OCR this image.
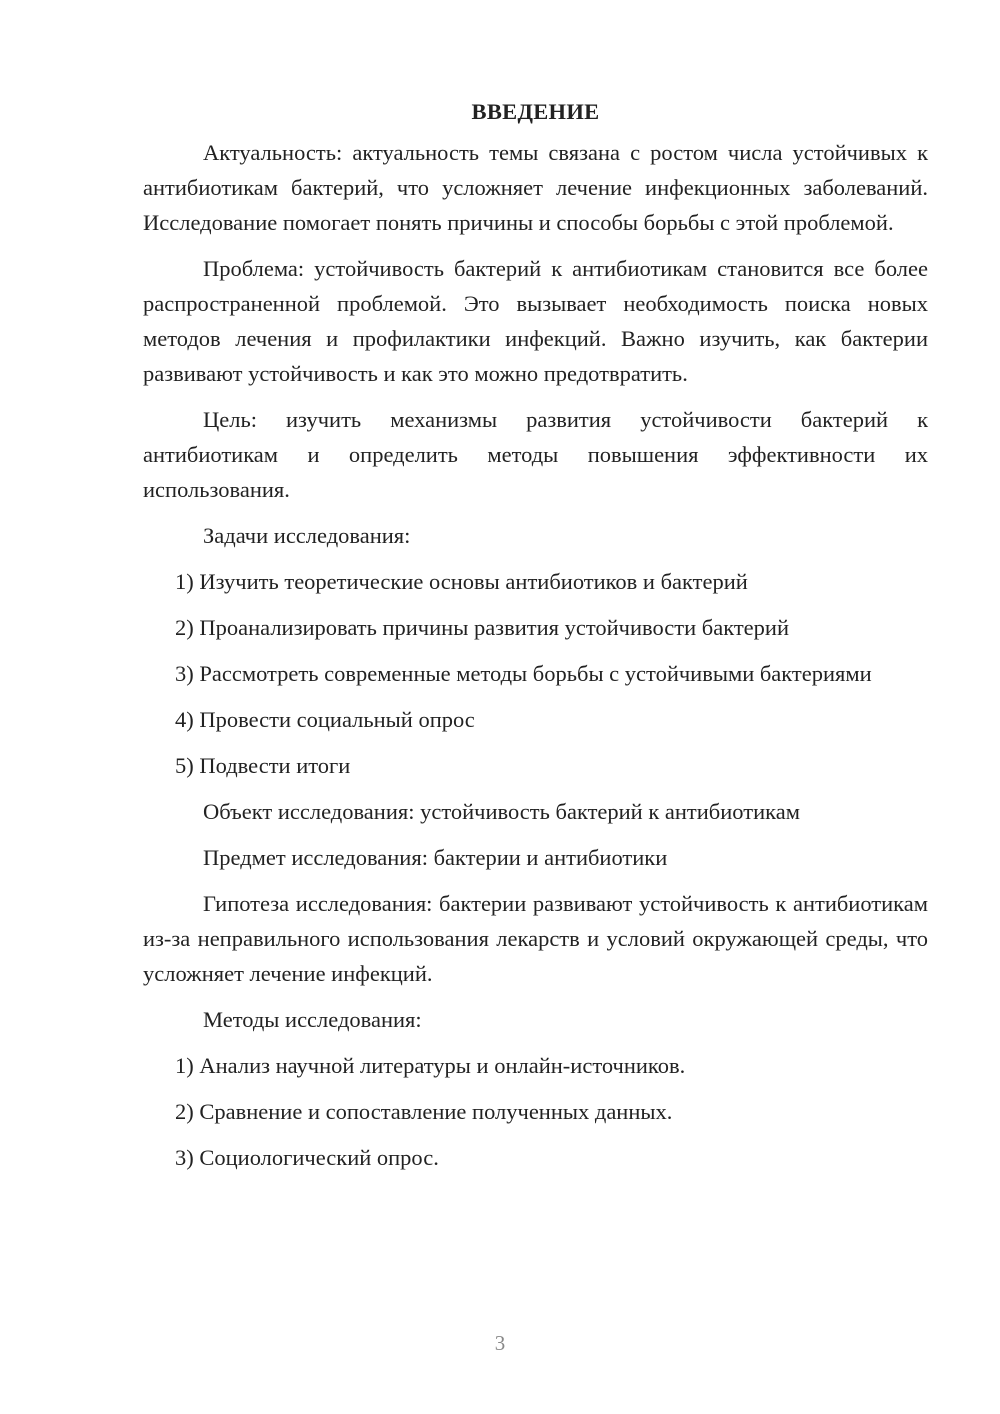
ВВЕДЕНИЕ

Актуальность: актуальность темы связана с ростом числа устойчивых к антибиотикам бактерий, что усложняет лечение инфекционных заболеваний. Исследование помогает понять причины и способы борьбы с этой проблемой.

Проблема: устойчивость бактерий к антибиотикам становится все более распространенной проблемой. Это вызывает необходимость поиска новых методов лечения и профилактики инфекций. Важно изучить, как бактерии развивают устойчивость и как это можно предотвратить.

Цель: изучить механизмы развития устойчивости бактерий к антибиотикам и определить методы повышения эффективности их использования.

Задачи исследования:

1) Изучить теоретические основы антибиотиков и бактерий

2) Проанализировать причины развития устойчивости бактерий

3) Рассмотреть современные методы борьбы с устойчивыми бактериями

4) Провести социальный опрос

5) Подвести итоги

Объект исследования: устойчивость бактерий к антибиотикам

Предмет исследования: бактерии и антибиотики

Гипотеза исследования: бактерии развивают устойчивость к антибиотикам из-за неправильного использования лекарств и условий окружающей среды, что усложняет лечение инфекций.

Методы исследования:

1) Анализ научной литературы и онлайн-источников.

2) Сравнение и сопоставление полученных данных.

3) Социологический опрос.

3
